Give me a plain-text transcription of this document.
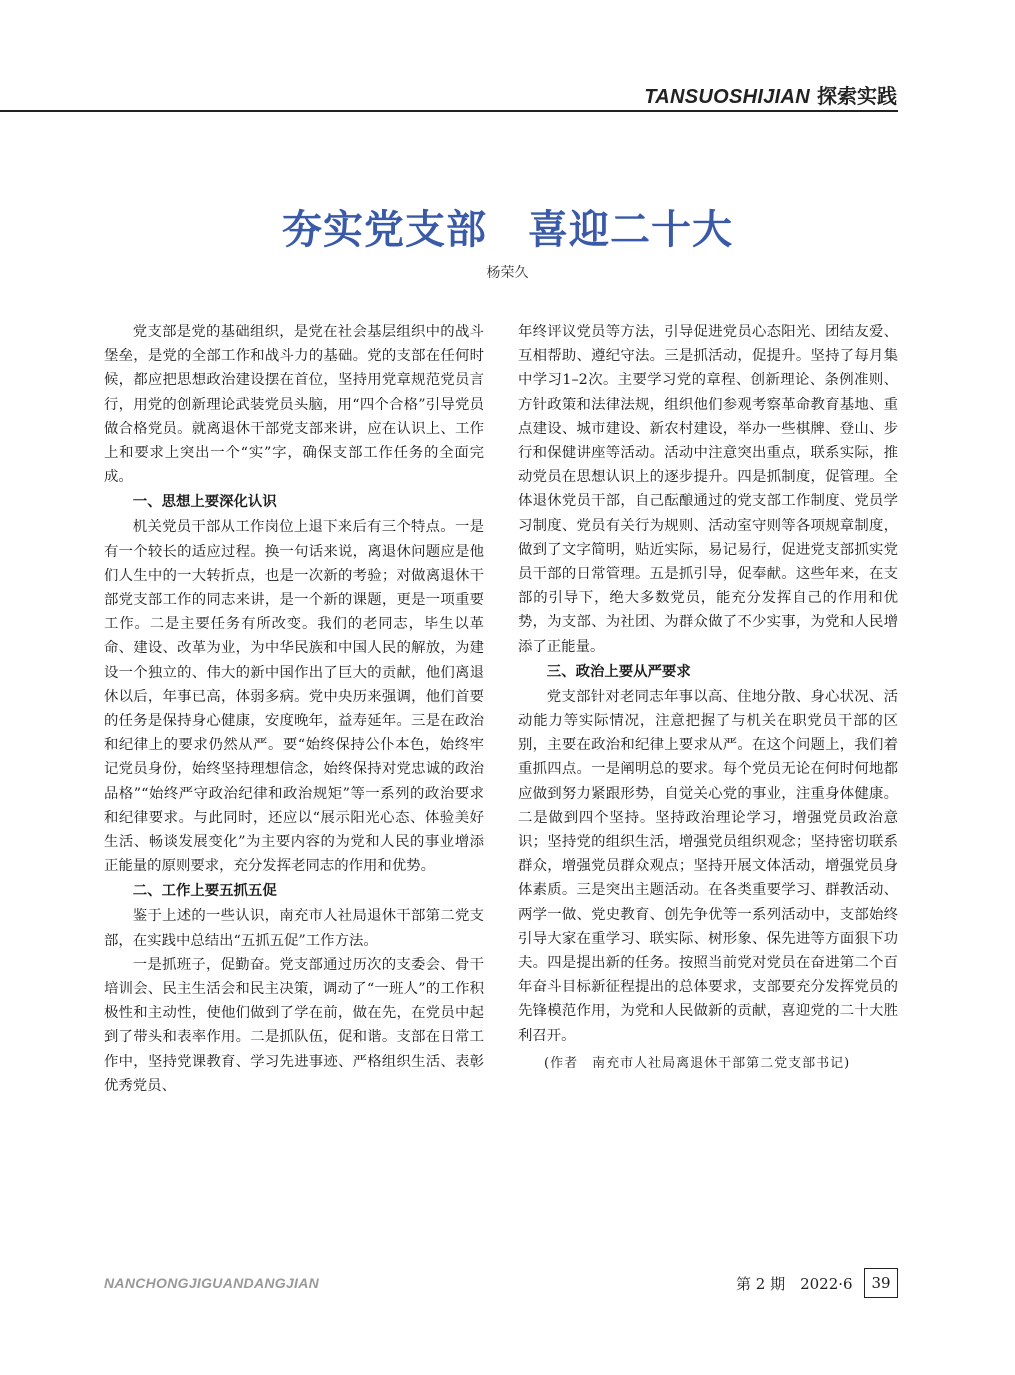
TANSUOSHIJIAN 探索实践
夯实党支部　喜迎二十大
杨荣久

党支部是党的基础组织，是党在社会基层组织中的战斗堡垒，是党的全部工作和战斗力的基础。党的支部在任何时候，都应把思想政治建设摆在首位，坚持用党章规范党员言行，用党的创新理论武装党员头脑，用“四个合格”引导党员做合格党员。就离退休干部党支部来讲，应在认识上、工作上和要求上突出一个“实”字，确保支部工作任务的全面完成。

一、思想上要深化认识

机关党员干部从工作岗位上退下来后有三个特点。一是有一个较长的适应过程。换一句话来说，离退休问题应是他们人生中的一大转折点，也是一次新的考验；对做离退休干部党支部工作的同志来讲，是一个新的课题，更是一项重要工作。二是主要任务有所改变。我们的老同志，毕生以革命、建设、改革为业，为中华民族和中国人民的解放，为建设一个独立的、伟大的新中国作出了巨大的贡献，他们离退休以后，年事已高，体弱多病。党中央历来强调，他们首要的任务是保持身心健康，安度晚年，益寿延年。三是在政治和纪律上的要求仍然从严。要“始终保持公仆本色，始终牢记党员身份，始终坚持理想信念，始终保持对党忠诚的政治品格”“始终严守政治纪律和政治规矩”等一系列的政治要求和纪律要求。与此同时，还应以“展示阳光心态、体验美好生活、畅谈发展变化”为主要内容的为党和人民的事业增添正能量的原则要求，充分发挥老同志的作用和优势。

二、工作上要五抓五促

鉴于上述的一些认识，南充市人社局退休干部第二党支部，在实践中总结出“五抓五促”工作方法。

一是抓班子，促勤奋。党支部通过历次的支委会、骨干培训会、民主生活会和民主决策，调动了“一班人”的工作积极性和主动性，使他们做到了学在前，做在先，在党员中起到了带头和表率作用。二是抓队伍，促和谐。支部在日常工作中，坚持党课教育、学习先进事迹、严格组织生活、表彰优秀党员、

年终评议党员等方法，引导促进党员心态阳光、团结友爱、互相帮助、遵纪守法。三是抓活动，促提升。坚持了每月集中学习1–2次。主要学习党的章程、创新理论、条例准则、方针政策和法律法规，组织他们参观考察革命教育基地、重点建设、城市建设、新农村建设，举办一些棋牌、登山、步行和保健讲座等活动。活动中注意突出重点，联系实际，推动党员在思想认识上的逐步提升。四是抓制度，促管理。全体退休党员干部，自己酝酿通过的党支部工作制度、党员学习制度、党员有关行为规则、活动室守则等各项规章制度，做到了文字简明，贴近实际，易记易行，促进党支部抓实党员干部的日常管理。五是抓引导，促奉献。这些年来，在支部的引导下，绝大多数党员，能充分发挥自己的作用和优势，为支部、为社团、为群众做了不少实事，为党和人民增添了正能量。

三、政治上要从严要求

党支部针对老同志年事以高、住地分散、身心状况、活动能力等实际情况，注意把握了与机关在职党员干部的区别，主要在政治和纪律上要求从严。在这个问题上，我们着重抓四点。一是阐明总的要求。每个党员无论在何时何地都应做到努力紧跟形势，自觉关心党的事业，注重身体健康。二是做到四个坚持。坚持政治理论学习，增强党员政治意识；坚持党的组织生活，增强党员组织观念；坚持密切联系群众，增强党员群众观点；坚持开展文体活动，增强党员身体素质。三是突出主题活动。在各类重要学习、群教活动、两学一做、党史教育、创先争优等一系列活动中，支部始终引导大家在重学习、联实际、树形象、保先进等方面狠下功夫。四是提出新的任务。按照当前党对党员在奋进第二个百年奋斗目标新征程提出的总体要求，支部要充分发挥党员的先锋模范作用，为党和人民做新的贡献，喜迎党的二十大胜利召开。

(作者　南充市人社局离退休干部第二党支部书记)

NANCHONGJIGUANDANGJIAN	第 2 期　2022·6	39
